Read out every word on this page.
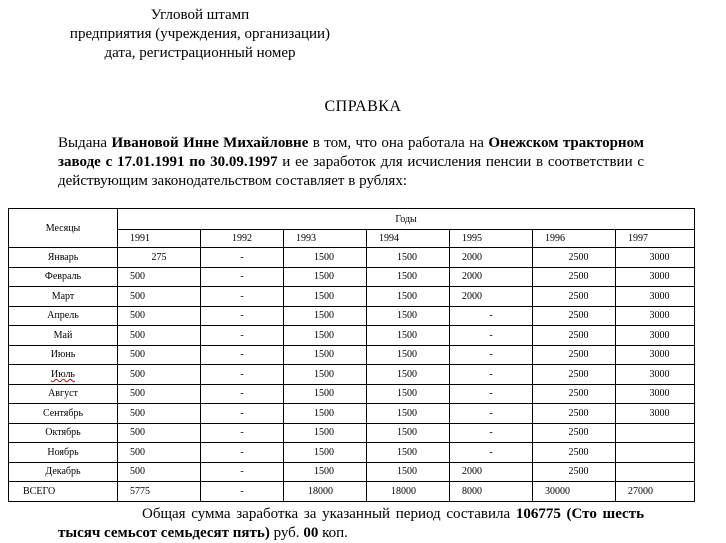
Угловой штамп
предприятия (учреждения, организации)
дата, регистрационный номер
СПРАВКА
Выдана Ивановой Инне Михайловне в том, что она работала на Онежском тракторном заводе с 17.01.1991 по 30.09.1997 и ее заработок для исчисления пенсии в соответствии с действующим законодательством составляет в рублях:
Месяцы	Годы						
	1991	1992	1993	1994	1995	1996	1997
Январь	275	-	1500	1500	2000	2500	3000
Февраль	500	-	1500	1500	2000	2500	3000
Март	500	-	1500	1500	2000	2500	3000
Апрель	500	-	1500	1500	-	2500	3000
Май	500	-	1500	1500	-	2500	3000
Июнь	500	-	1500	1500	-	2500	3000
Июль	500	-	1500	1500	-	2500	3000
Август	500	-	1500	1500	-	2500	3000
Сентябрь	500	-	1500	1500	-	2500	3000
Октябрь	500	-	1500	1500	-	2500	
Ноябрь	500	-	1500	1500	-	2500	
Декабрь	500	-	1500	1500	2000	2500	
ВСЕГО	5775	-	18000	18000	8000	30000	27000
Общая сумма заработка за указанный период составила 106775 (Сто шесть тысяч семьсот семьдесят пять) руб. 00 коп.
